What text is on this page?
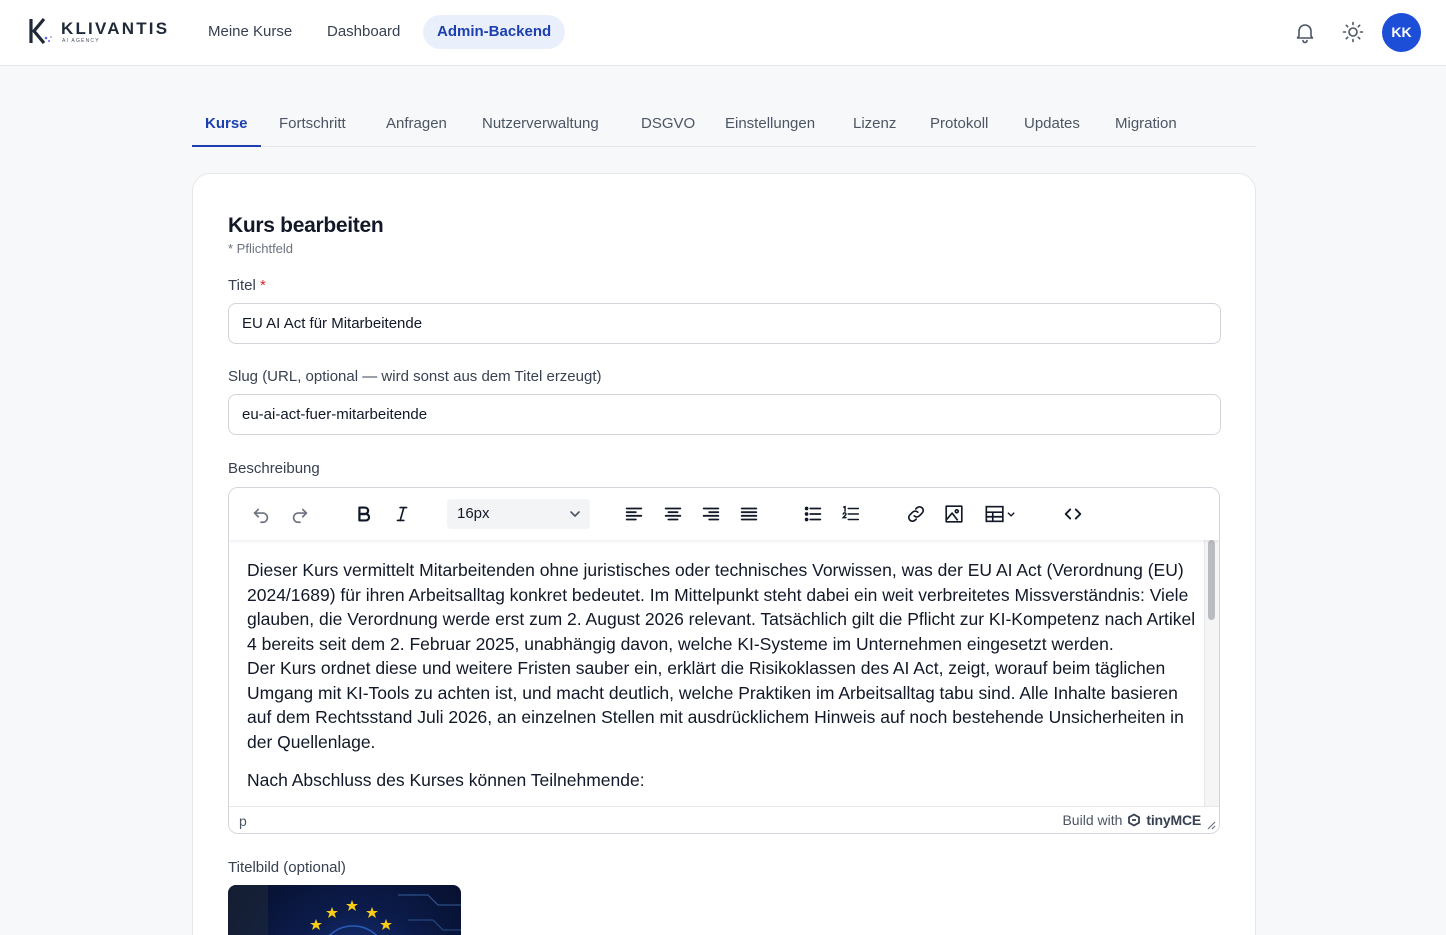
KLIVANTIS
AI AGENCY
Meine Kurse	Dashboard	Admin-Backend	KK
Kurse	Fortschritt	Anfragen	Nutzerverwaltung	DSGVO	Einstellungen	Lizenz	Protokoll	Updates	Migration
Kurs bearbeiten
* Pflichtfeld
Titel *
EU AI Act für Mitarbeitende
Slug (URL, optional — wird sonst aus dem Titel erzeugt)
eu-ai-act-fuer-mitarbeitende
Beschreibung
16px

Dieser Kurs vermittelt Mitarbeitenden ohne juristisches oder technisches Vorwissen, was der EU AI Act (Verordnung (EU) 2024/1689) für ihren Arbeitsalltag konkret bedeutet. Im Mittelpunkt steht dabei ein weit verbreitetes Missverständnis: Viele glauben, die Verordnung werde erst zum 2. August 2026 relevant. Tatsächlich gilt die Pflicht zur KI-Kompetenz nach Artikel 4 bereits seit dem 2. Februar 2025, unabhängig davon, welche KI-Systeme im Unternehmen eingesetzt werden.

Der Kurs ordnet diese und weitere Fristen sauber ein, erklärt die Risikoklassen des AI Act, zeigt, worauf beim täglichen Umgang mit KI-Tools zu achten ist, und macht deutlich, welche Praktiken im Arbeitsalltag tabu sind. Alle Inhalte basieren auf dem Rechtsstand Juli 2026, an einzelnen Stellen mit ausdrücklichem Hinweis auf noch bestehende Unsicherheiten in der Quellenlage.

Nach Abschluss des Kurses können Teilnehmende:

p	Build with tinyMCE
Titelbild (optional)
